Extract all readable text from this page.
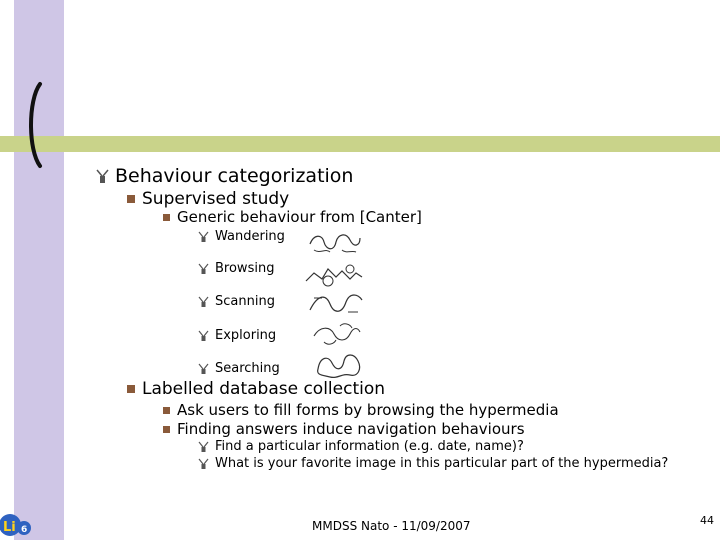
Behaviour categorization
Supervised study
Generic behaviour from [Canter]
Wandering
Browsing
Scanning
Exploring
Searching
Labelled database collection
Ask users to fill forms by browsing the hypermedia
Finding answers induce navigation behaviours
Find a particular information (e.g. date, name)?
What is your favorite image in this particular part of the hypermedia?
Li 6	MMDSS Nato - 11/09/2007	44
